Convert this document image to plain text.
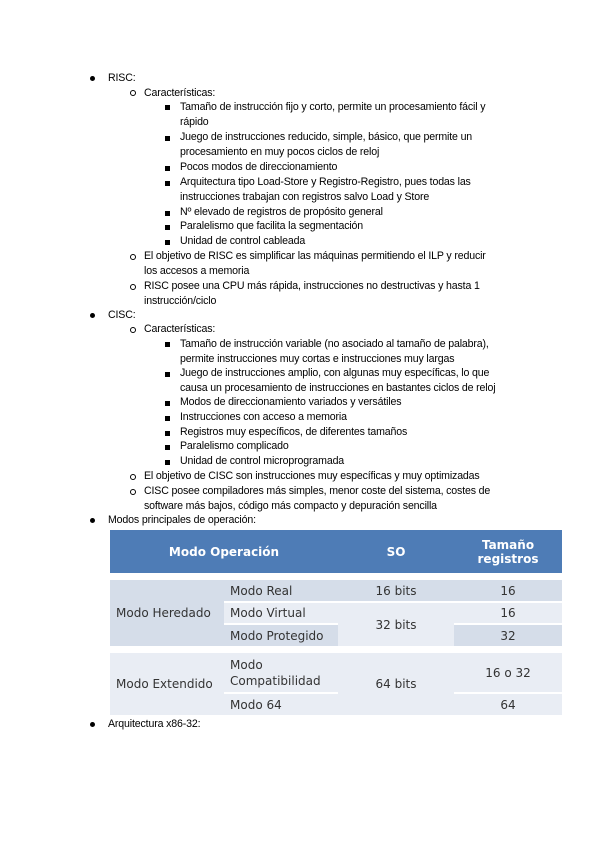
RISC:
Características:
Tamaño de instrucción fijo y corto, permite un procesamiento fácil y
rápido
Juego de instrucciones reducido, simple, básico, que permite un
procesamiento en muy pocos ciclos de reloj
Pocos modos de direccionamiento
Arquitectura tipo Load-Store y Registro-Registro, pues todas las
instrucciones trabajan con registros salvo Load y Store
Nº elevado de registros de propósito general
Paralelismo que facilita la segmentación
Unidad de control cableada
El objetivo de RISC es simplificar las máquinas permitiendo el ILP y reducir
los accesos a memoria
RISC posee una CPU más rápida, instrucciones no destructivas y hasta 1
instrucción/ciclo
CISC:
Características:
Tamaño de instrucción variable (no asociado al tamaño de palabra),
permite instrucciones muy cortas e instrucciones muy largas
Juego de instrucciones amplio, con algunas muy específicas, lo que
causa un procesamiento de instrucciones en bastantes ciclos de reloj
Modos de direccionamiento variados y versátiles
Instrucciones con acceso a memoria
Registros muy específicos, de diferentes tamaños
Paralelismo complicado
Unidad de control microprogramada
El objetivo de CISC son instrucciones muy específicas y muy optimizadas
CISC posee compiladores más simples, menor coste del sistema, costes de
software más bajos, código más compacto y depuración sencilla
Modos principales de operación:
Modo Operación		SO	Tamaño registros

Modo Heredado	Modo Real	16 bits	16
	Modo Virtual	32 bits	16
	Modo Protegido		32

Modo Extendido	Modo
Compatibilidad	64 bits	16 o 32
	Modo 64		64
Arquitectura x86-32:
